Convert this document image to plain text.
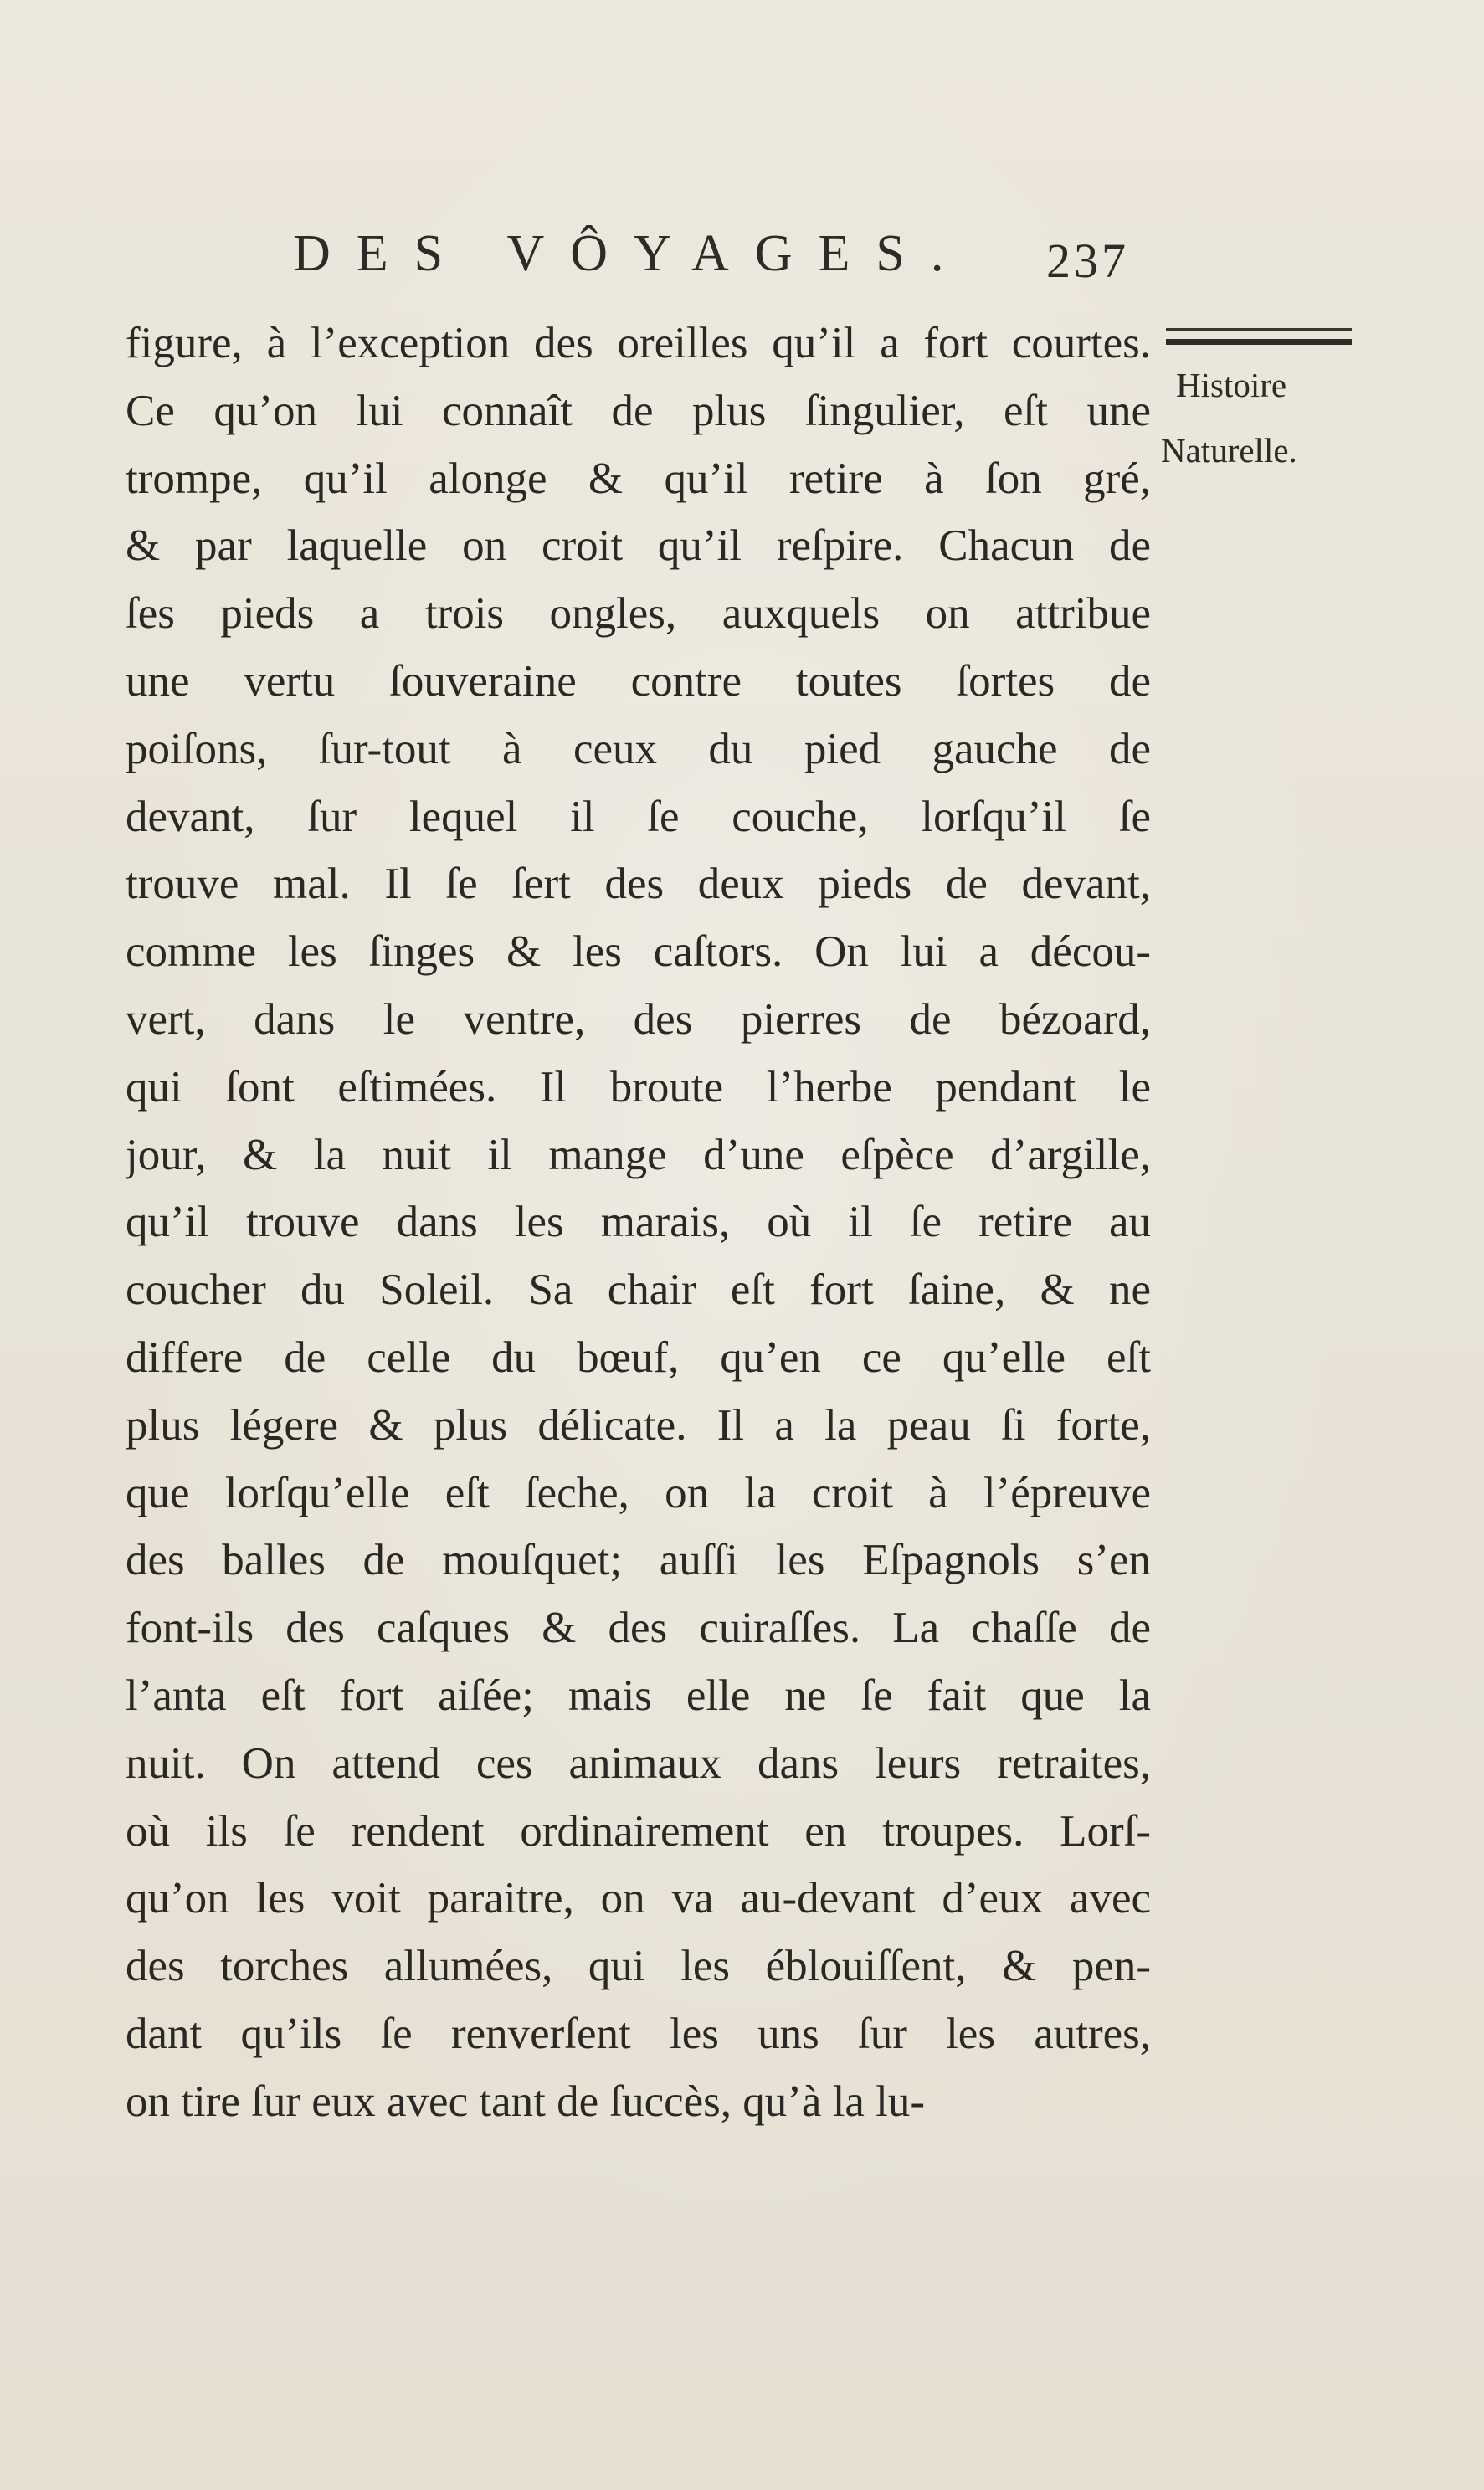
DES VÔYAGES. 237
Histoire
Naturelle.
figure, à l’exception des oreilles qu’il a fort courtes.
Ce qu’on lui connaît de plus ſingulier, eſt une
trompe, qu’il alonge & qu’il retire à ſon gré,
& par laquelle on croit qu’il reſpire. Chacun de
ſes pieds a trois ongles, auxquels on attribue
une vertu ſouveraine contre toutes ſortes de
poiſons, ſur-tout à ceux du pied gauche de
devant, ſur lequel il ſe couche, lorſqu’il ſe
trouve mal. Il ſe ſert des deux pieds de devant,
comme les ſinges & les caſtors. On lui a décou-
vert, dans le ventre, des pierres de bézoard,
qui ſont eſtimées. Il broute l’herbe pendant le
jour, & la nuit il mange d’une eſpèce d’argille,
qu’il trouve dans les marais, où il ſe retire au
coucher du Soleil. Sa chair eſt fort ſaine, & ne
differe de celle du bœuf, qu’en ce qu’elle eſt
plus légere & plus délicate. Il a la peau ſi forte,
que lorſqu’elle eſt ſeche, on la croit à l’épreuve
des balles de mouſquet; auſſi les Eſpagnols s’en
font-ils des caſques & des cuiraſſes. La chaſſe de
l’anta eſt fort aiſée; mais elle ne ſe fait que la
nuit. On attend ces animaux dans leurs retraites,
où ils ſe rendent ordinairement en troupes. Lorſ-
qu’on les voit paraitre, on va au-devant d’eux avec
des torches allumées, qui les éblouiſſent, & pen-
dant qu’ils ſe renverſent les uns ſur les autres,
on tire ſur eux avec tant de ſuccès, qu’à la lu-
